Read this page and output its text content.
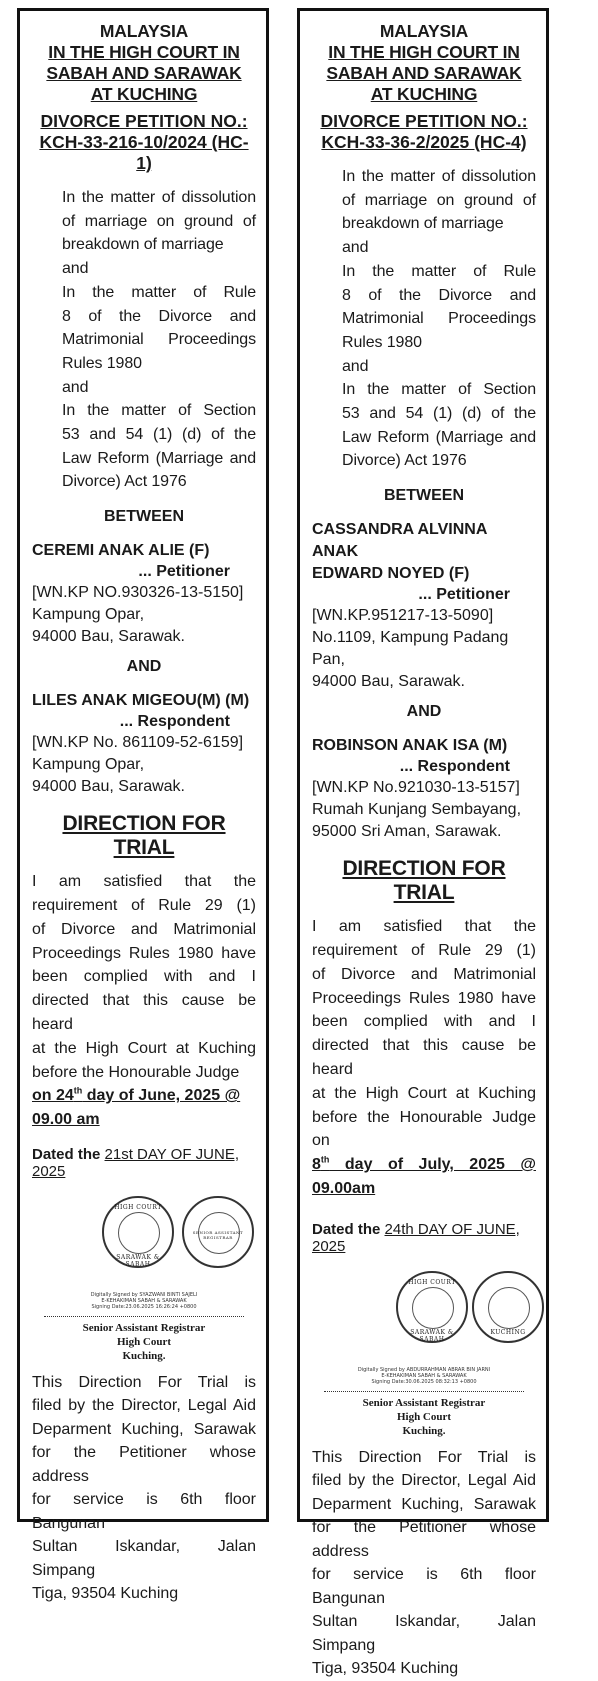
MALAYSIA
IN THE HIGH COURT IN
SABAH AND SARAWAK
AT KUCHING
DIVORCE PETITION NO.:
KCH-33-216-10/2024 (HC-1)
In the matter of dissolution
of marriage on ground of
breakdown of marriage
and
In the matter of Rule
8 of the Divorce and
Matrimonial Proceedings
Rules 1980
and
In the matter of Section
53 and 54 (1) (d) of the
Law Reform (Marriage and
Divorce) Act 1976
BETWEEN
CEREMI ANAK ALIE (F)
... Petitioner
[WN.KP NO.930326-13-5150]
Kampung Opar,
94000 Bau, Sarawak.
AND
LILES ANAK MIGEOU(M) (M)
... Respondent
[WN.KP No. 861109-52-6159]
Kampung Opar,
94000 Bau, Sarawak.
DIRECTION FOR TRIAL
I    am    satisfied    that    the
requirement of Rule 29 (1)
of Divorce and Matrimonial
Proceedings Rules 1980 have
been complied with and I
directed that this cause be heard
at the High Court at Kuching
before the Honourable Judge
on 24th day of June, 2025 @
09.00 am
Dated the 21st DAY OF JUNE, 2025
HIGH COURT
SARAWAK & SABAH
SENIOR ASSISTANT REGISTRAR
Digitally Signed by SYAZWANI BINTI SAJELI
E-KEHAKIMAN SABAH & SARAWAK
Signing Date:23.06.2025 16:26:24 +0800
Senior Assistant Registrar
High Court
Kuching.
This Direction For Trial is
filed by the Director, Legal Aid
Deparment Kuching, Sarawak
for the Petitioner whose address
for service is 6th floor Bangunan
Sultan Iskandar, Jalan Simpang
Tiga, 93504 Kuching
MALAYSIA
IN THE HIGH COURT IN
SABAH AND SARAWAK
AT KUCHING
DIVORCE PETITION NO.:
KCH-33-36-2/2025 (HC-4)
In the matter of dissolution
of marriage on ground of
breakdown of marriage
and
In the matter of Rule
8 of the Divorce and
Matrimonial Proceedings
Rules 1980
and
In the matter of Section
53 and 54 (1) (d) of the
Law Reform (Marriage and
Divorce) Act 1976
BETWEEN
CASSANDRA ALVINNA ANAK
EDWARD NOYED (F)
... Petitioner
[WN.KP.951217-13-5090]
No.1109, Kampung Padang Pan,
94000 Bau, Sarawak.
AND
ROBINSON ANAK ISA (M)
... Respondent
[WN.KP No.921030-13-5157]
Rumah Kunjang Sembayang,
95000 Sri Aman, Sarawak.
DIRECTION FOR TRIAL
I    am    satisfied    that    the
requirement of Rule 29 (1)
of Divorce and Matrimonial
Proceedings Rules 1980 have
been complied with and I
directed that this cause be heard
at the High Court at Kuching
before the Honourable Judge on
8th day of July, 2025 @ 09.00am
Dated the 24th DAY OF JUNE, 2025
HIGH COURT
SARAWAK & SABAH
KUCHING
Digitally Signed by ABDURRAHMAN ABRAR BIN JARNI
E-KEHAKIMAN SABAH & SARAWAK
Signing Date:30.06.2025 08:32:13 +0800
Senior Assistant Registrar
High Court
Kuching.
This Direction For Trial is
filed by the Director, Legal Aid
Deparment Kuching, Sarawak
for the Petitioner whose address
for service is 6th floor Bangunan
Sultan Iskandar, Jalan Simpang
Tiga, 93504 Kuching
